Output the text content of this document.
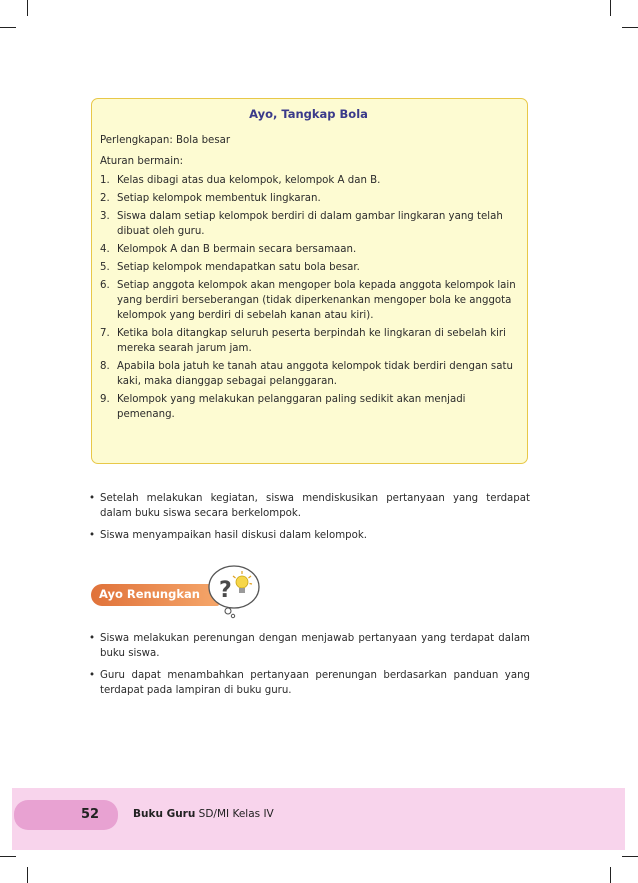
Ayo, Tangkap Bola
Perlengkapan: Bola besar
Aturan bermain:
1. Kelas dibagi atas dua kelompok, kelompok A dan B.
2. Setiap kelompok membentuk lingkaran.
3. Siswa dalam setiap kelompok berdiri di dalam gambar lingkaran yang telah dibuat oleh guru.
4. Kelompok A dan B bermain secara bersamaan.
5. Setiap kelompok mendapatkan satu bola besar.
6. Setiap anggota kelompok akan mengoper bola kepada anggota kelompok lain yang berdiri berseberangan (tidak diperkenankan mengoper bola ke anggota kelompok yang berdiri di sebelah kanan atau kiri).
7. Ketika bola ditangkap seluruh peserta berpindah ke lingkaran di sebelah kiri mereka searah jarum jam.
8. Apabila bola jatuh ke tanah atau anggota kelompok tidak berdiri dengan satu kaki, maka dianggap sebagai pelanggaran.
9. Kelompok yang melakukan pelanggaran paling sedikit akan menjadi pemenang.
• Setelah melakukan kegiatan, siswa mendiskusikan pertanyaan yang terdapat dalam buku siswa secara berkelompok.
• Siswa menyampaikan hasil diskusi dalam kelompok.
Ayo Renungkan ?
• Siswa melakukan perenungan dengan menjawab pertanyaan yang terdapat dalam buku siswa.
• Guru dapat menambahkan pertanyaan perenungan berdasarkan panduan yang terdapat pada lampiran di buku guru.
52	Buku Guru SD/MI Kelas IV
